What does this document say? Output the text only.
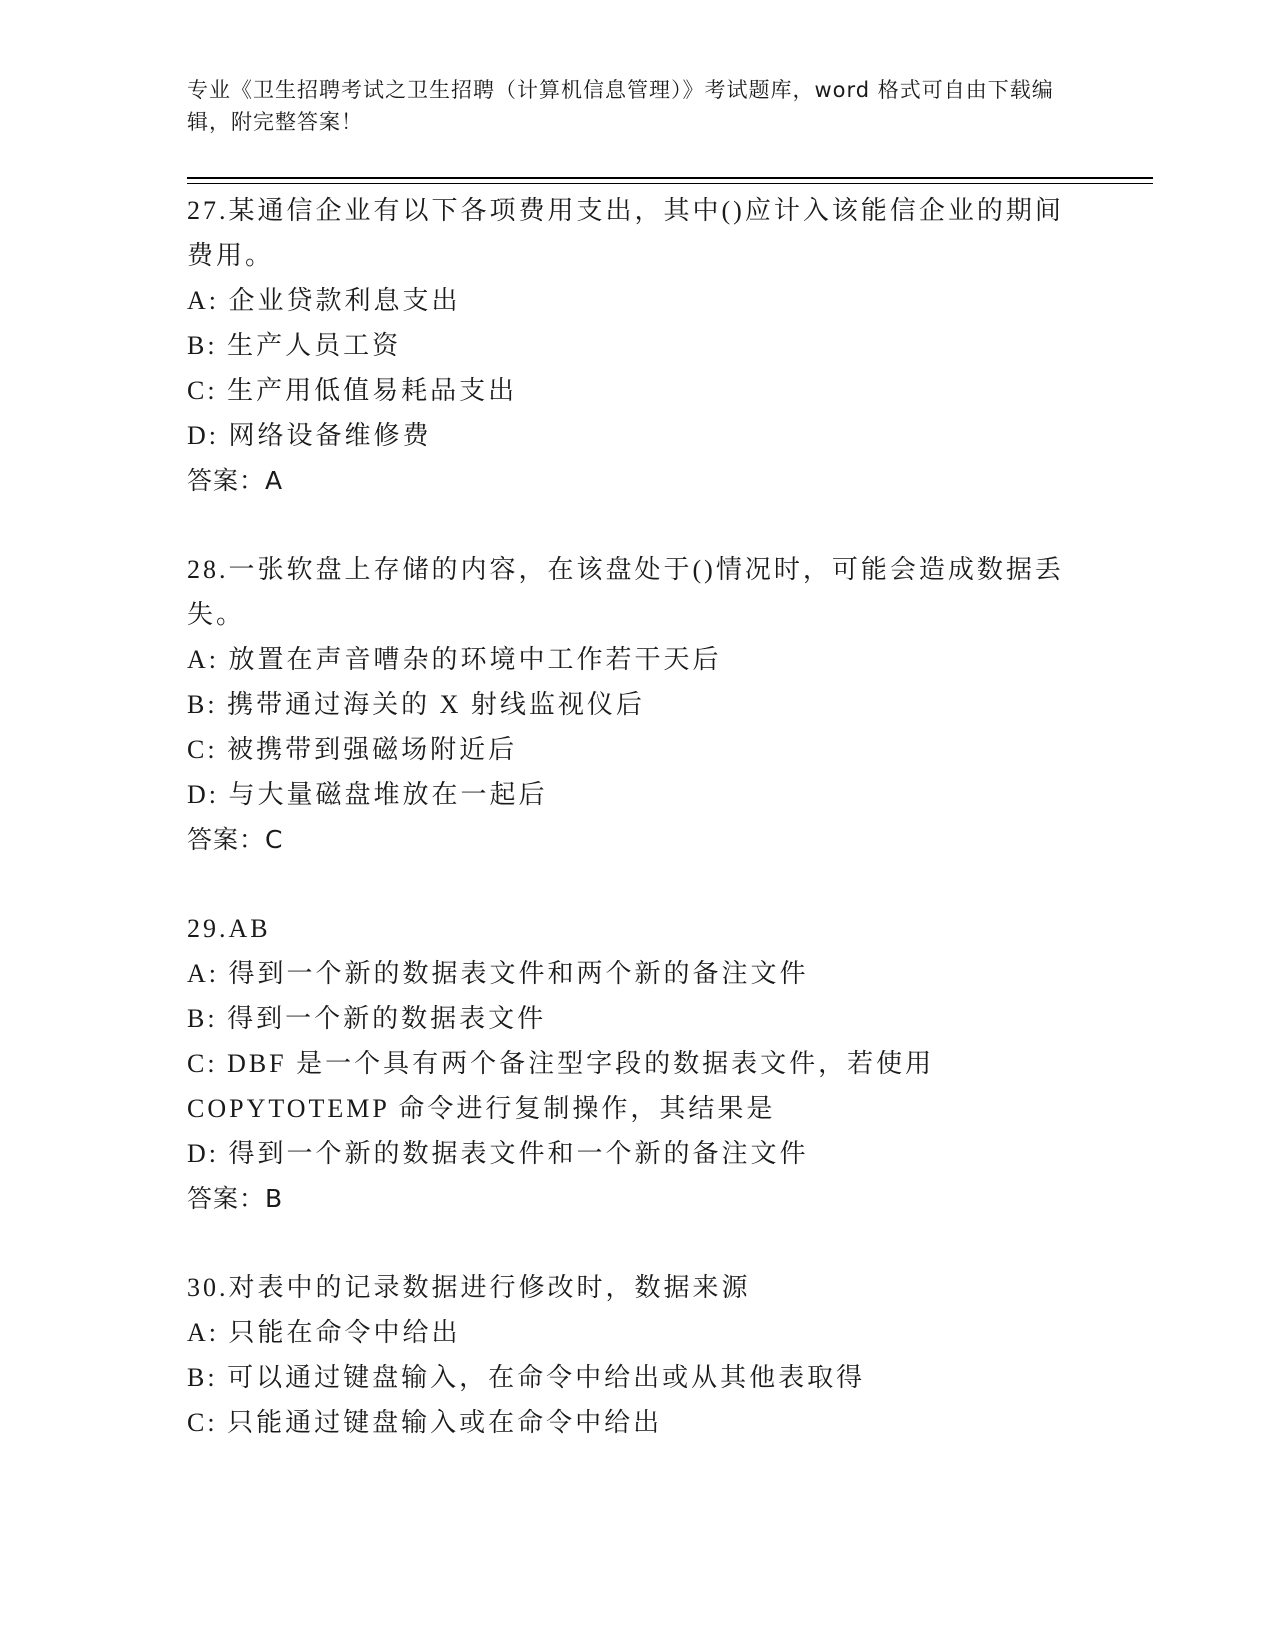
专业《卫生招聘考试之卫生招聘（计算机信息管理）》考试题库，word 格式可自由下载编辑，附完整答案！

27.某通信企业有以下各项费用支出，其中()应计入该能信企业的期间费用。

A: 企业贷款利息支出

B: 生产人员工资

C: 生产用低值易耗品支出

D: 网络设备维修费

答案：A

28.一张软盘上存储的内容，在该盘处于()情况时，可能会造成数据丢失。

A: 放置在声音嘈杂的环境中工作若干天后

B: 携带通过海关的 X 射线监视仪后

C: 被携带到强磁场附近后

D: 与大量磁盘堆放在一起后

答案：C

29.AB

A: 得到一个新的数据表文件和两个新的备注文件

B: 得到一个新的数据表文件

C: DBF 是一个具有两个备注型字段的数据表文件，若使用 COPYTOTEMP 命令进行复制操作，其结果是

D: 得到一个新的数据表文件和一个新的备注文件

答案：B

30.对表中的记录数据进行修改时，数据来源

A: 只能在命令中给出

B: 可以通过键盘输入，在命令中给出或从其他表取得

C: 只能通过键盘输入或在命令中给出
